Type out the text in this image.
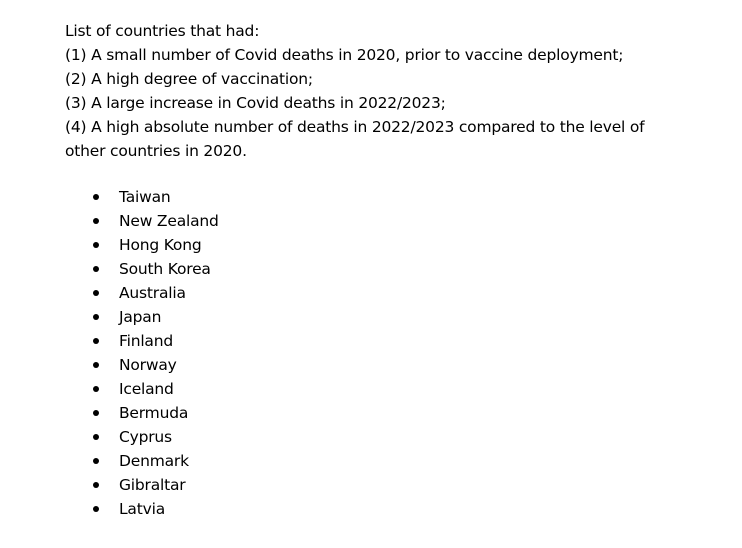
List of countries that had:
(1) A small number of Covid deaths in 2020, prior to vaccine deployment;
(2) A high degree of vaccination;
(3) A large increase in Covid deaths in 2022/2023;
(4) A high absolute number of deaths in 2022/2023 compared to the level of
other countries in 2020.
Taiwan
New Zealand
Hong Kong
South Korea
Australia
Japan
Finland
Norway
Iceland
Bermuda
Cyprus
Denmark
Gibraltar
Latvia
